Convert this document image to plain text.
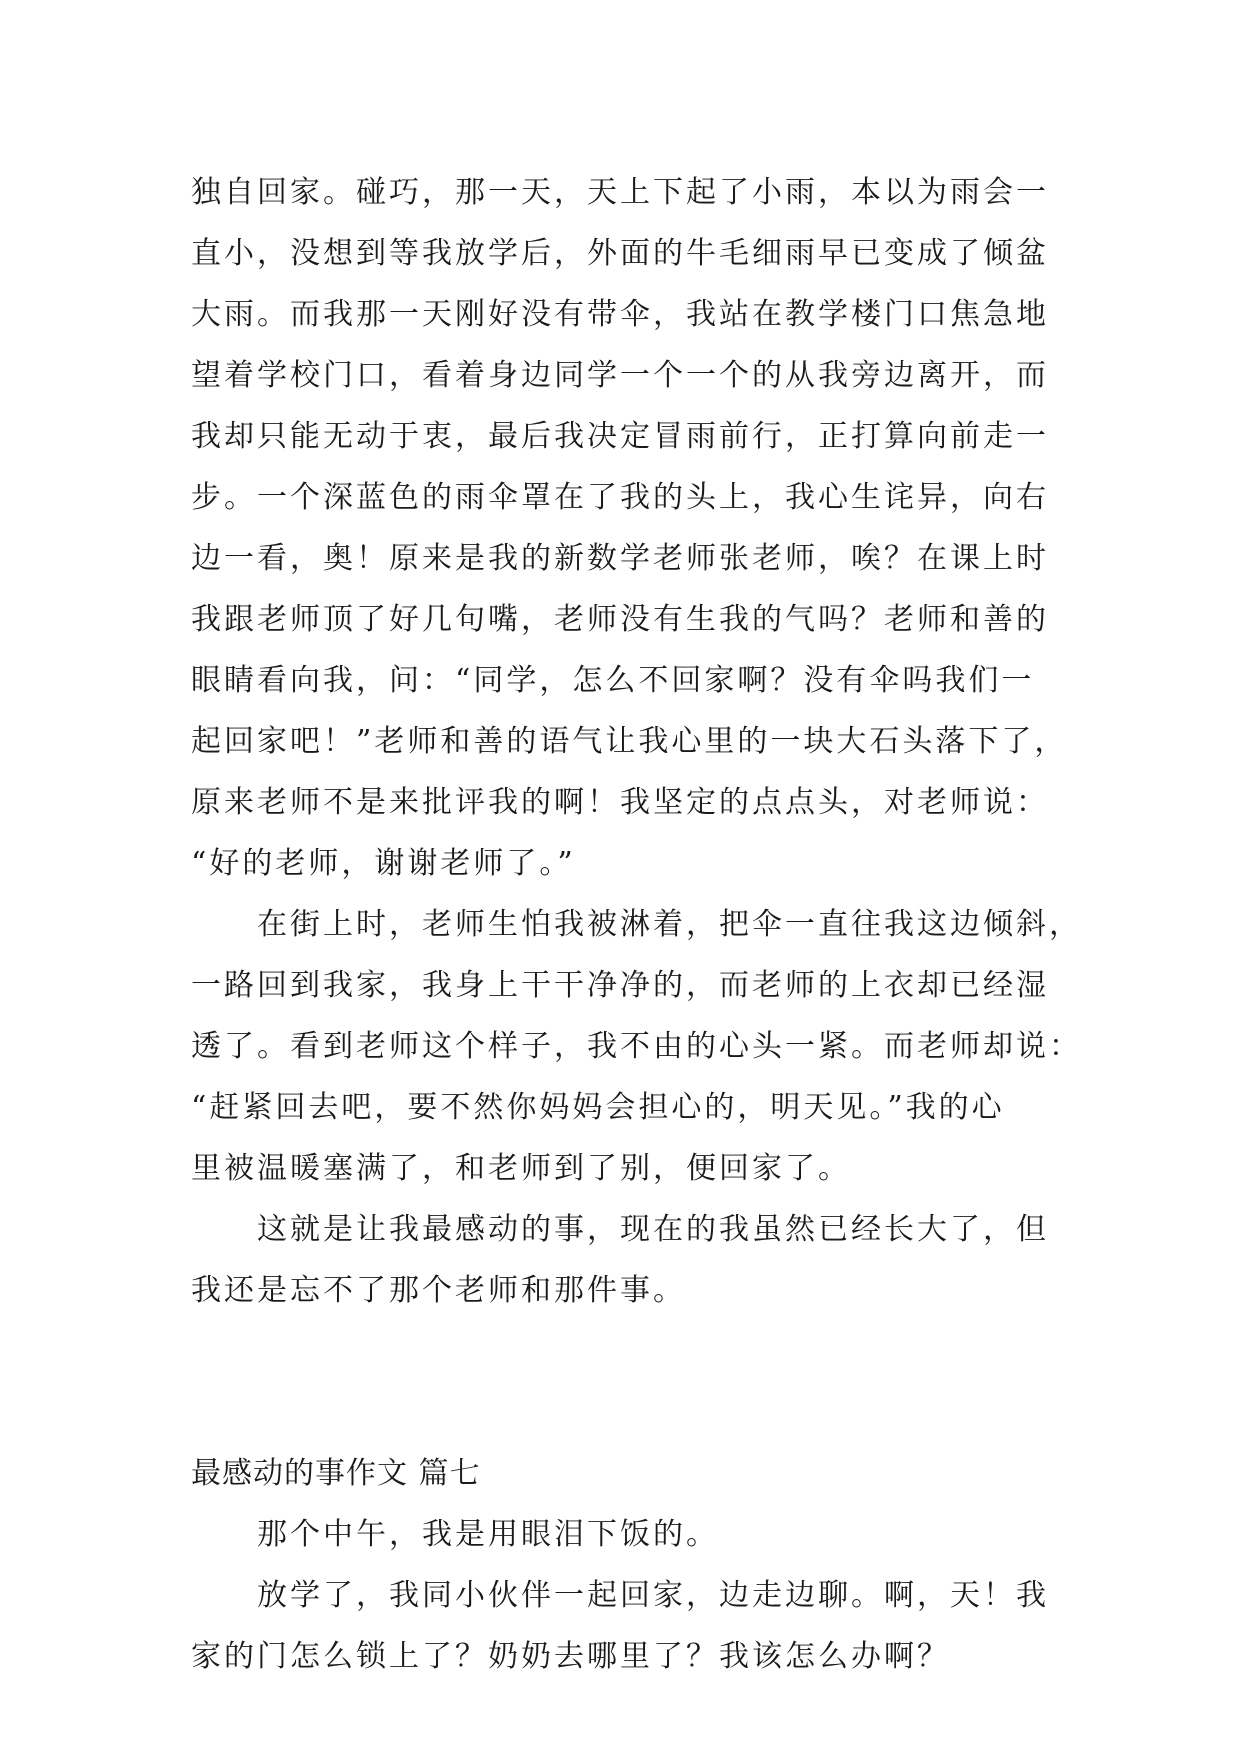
独自回家。碰巧，那一天，天上下起了小雨，本以为雨会一
直小，没想到等我放学后，外面的牛毛细雨早已变成了倾盆
大雨。而我那一天刚好没有带伞，我站在教学楼门口焦急地
望着学校门口，看着身边同学一个一个的从我旁边离开，而
我却只能无动于衷，最后我决定冒雨前行，正打算向前走一
步。一个深蓝色的雨伞罩在了我的头上，我心生诧异，向右
边一看，奥！原来是我的新数学老师张老师，唉？在课上时
我跟老师顶了好几句嘴，老师没有生我的气吗？老师和善的
眼睛看向我，问：“同学，怎么不回家啊？没有伞吗我们一
起回家吧！”老师和善的语气让我心里的一块大石头落下了，
原来老师不是来批评我的啊！我坚定的点点头，对老师说：
“好的老师，谢谢老师了。”
　　在街上时，老师生怕我被淋着，把伞一直往我这边倾斜，
一路回到我家，我身上干干净净的，而老师的上衣却已经湿
透了。看到老师这个样子，我不由的心头一紧。而老师却说：
“赶紧回去吧，要不然你妈妈会担心的，明天见。”我的心
里被温暖塞满了，和老师到了别，便回家了。
　　这就是让我最感动的事，现在的我虽然已经长大了，但
我还是忘不了那个老师和那件事。
最感动的事作文 篇七
　　那个中午，我是用眼泪下饭的。
　　放学了，我同小伙伴一起回家，边走边聊。啊，天！我
家的门怎么锁上了？奶奶去哪里了？我该怎么办啊？
